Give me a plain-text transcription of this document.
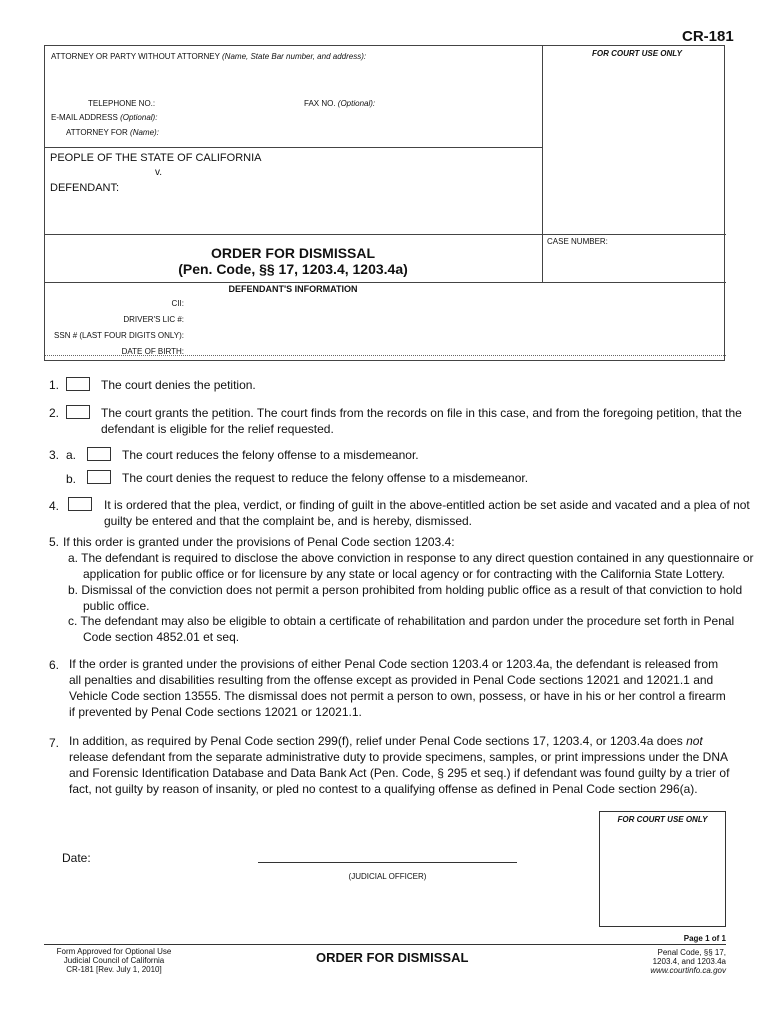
CR-181
ATTORNEY OR PARTY WITHOUT ATTORNEY (Name, State Bar number, and address):	FOR COURT USE ONLY
TELEPHONE NO.:	FAX NO. (Optional):
E-MAIL ADDRESS (Optional):
ATTORNEY FOR (Name):
PEOPLE OF THE STATE OF CALIFORNIA
v.
DEFENDANT:
CASE NUMBER:
ORDER FOR DISMISSAL
(Pen. Code, §§ 17, 1203.4, 1203.4a)
DEFENDANT'S INFORMATION
CII:
DRIVER'S LIC #:
SSN # (LAST FOUR DIGITS ONLY):
DATE OF BIRTH:
1.	The court denies the petition.
2.	The court grants the petition. The court finds from the records on file in this case, and from the foregoing petition, that the
defendant is eligible for the relief requested.
3. a.	The court reduces the felony offense to a misdemeanor.
b.	The court denies the request to reduce the felony offense to a misdemeanor.
4.	It is ordered that the plea, verdict, or finding of guilt in the above-entitled action be set aside and vacated and a plea of not
guilty be entered and that the complaint be, and is hereby, dismissed.
5. If this order is granted under the provisions of Penal Code section 1203.4:
a. The defendant is required to disclose the above conviction in response to any direct question contained in any questionnaire or
application for public office or for licensure by any state or local agency or for contracting with the California State Lottery.
b. Dismissal of the conviction does not permit a person prohibited from holding public office as a result of that conviction to hold
public office.
c. The defendant may also be eligible to obtain a certificate of rehabilitation and pardon under the procedure set forth in Penal
Code section 4852.01 et seq.
6. If the order is granted under the provisions of either Penal Code section 1203.4 or 1203.4a, the defendant is released from
all penalties and disabilities resulting from the offense except as provided in Penal Code sections 12021 and 12021.1 and
Vehicle Code section 13555. The dismissal does not permit a person to own, possess, or have in his or her control a firearm
if prevented by Penal Code sections 12021 or 12021.1.
7. In addition, as required by Penal Code section 299(f), relief under Penal Code sections 17, 1203.4, or 1203.4a does not
release defendant from the separate administrative duty to provide specimens, samples, or print impressions under the DNA
and Forensic Identification Database and Data Bank Act (Pen. Code, § 295 et seq.) if defendant was found guilty by a trier of
fact, not guilty by reason of insanity, or pled no contest to a qualifying offense as defined in Penal Code section 296(a).
Date:
(JUDICIAL OFFICER)
FOR COURT USE ONLY
Page 1 of 1
Form Approved for Optional Use
Judicial Council of California
CR-181 [Rev. July 1, 2010]
ORDER FOR DISMISSAL	Penal Code, §§ 17,
1203.4, and 1203.4a
www.courtinfo.ca.gov
